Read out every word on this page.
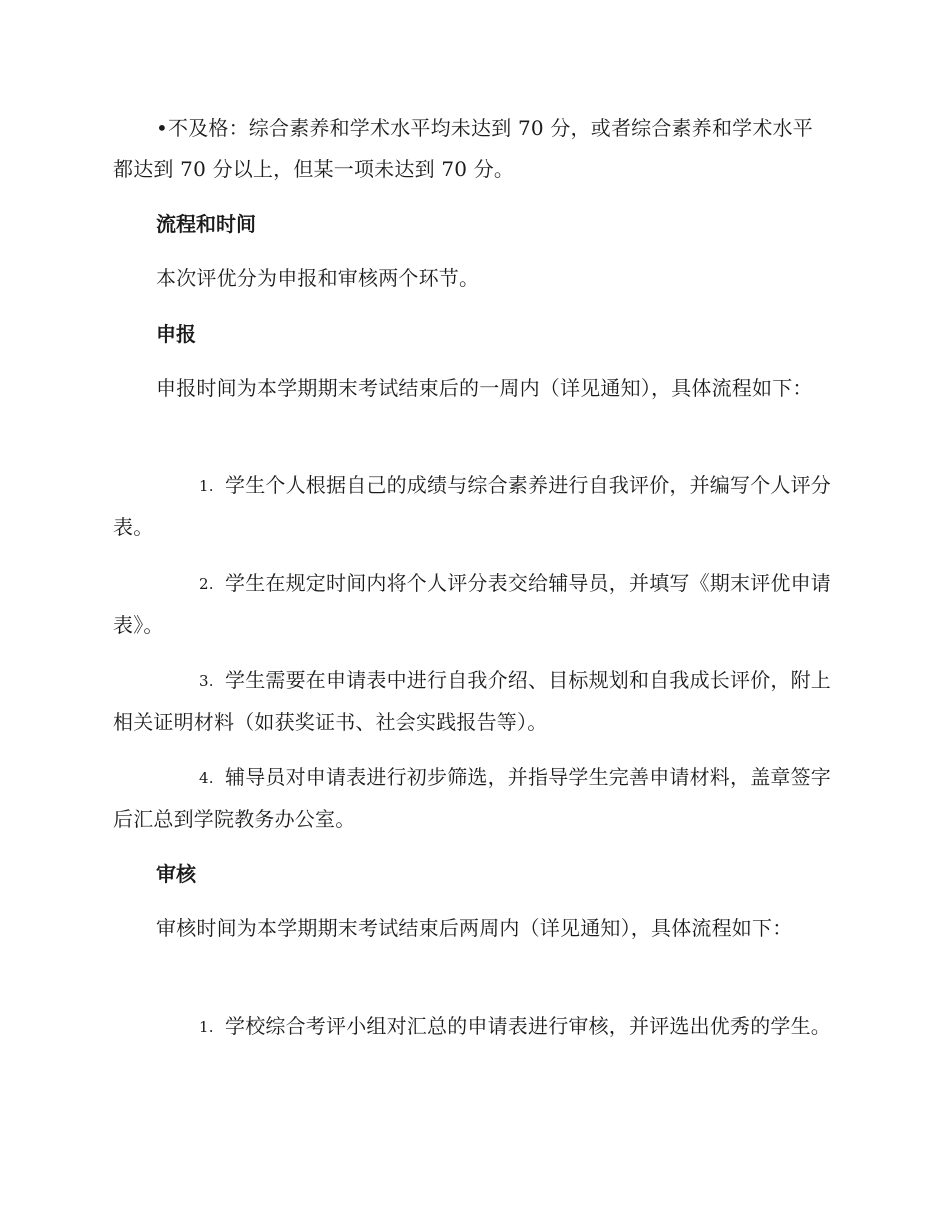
•不及格：综合素养和学术水平均未达到 70 分，或者综合素养和学术水平都达到 70 分以上，但某一项未达到 70 分。

流程和时间

本次评优分为申报和审核两个环节。

申报

申报时间为本学期期末考试结束后的一周内（详见通知），具体流程如下：

1. 学生个人根据自己的成绩与综合素养进行自我评价，并编写个人评分表。

2. 学生在规定时间内将个人评分表交给辅导员，并填写《期末评优申请表》。

3. 学生需要在申请表中进行自我介绍、目标规划和自我成长评价，附上相关证明材料（如获奖证书、社会实践报告等）。

4. 辅导员对申请表进行初步筛选，并指导学生完善申请材料，盖章签字后汇总到学院教务办公室。

审核

审核时间为本学期期末考试结束后两周内（详见通知），具体流程如下：

1. 学校综合考评小组对汇总的申请表进行审核，并评选出优秀的学生。
